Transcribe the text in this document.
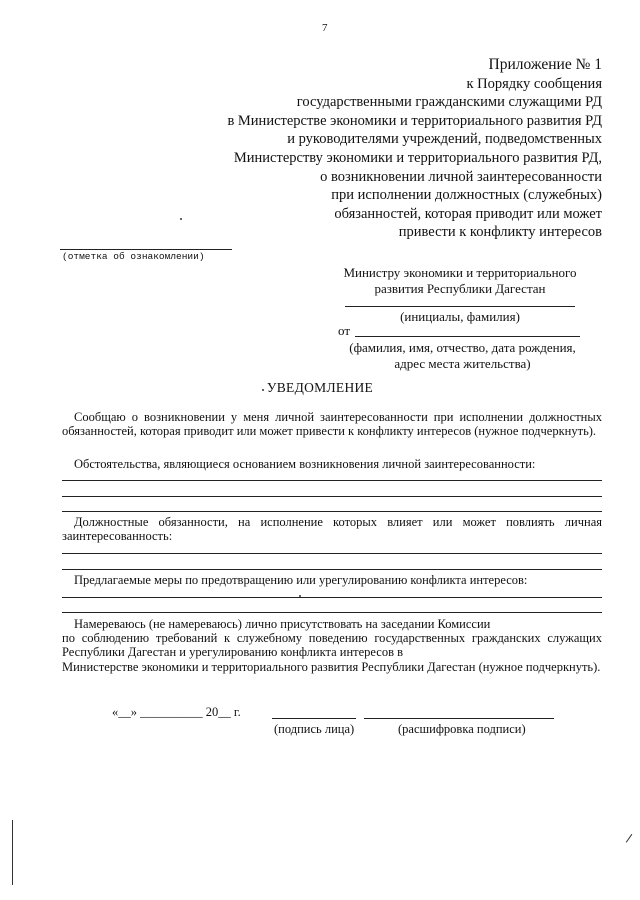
7
Приложение № 1
к Порядку сообщения
государственными гражданскими служащими РД
в Министерстве экономики и территориального развития РД
и руководителями учреждений, подведомственных
Министерству экономики и территориального развития РД,
о возникновении личной заинтересованности
при исполнении должностных (служебных)
обязанностей, которая приводит или может
привести к конфликту интересов
(отметка об ознакомлении)
Министру экономики и территориального
развития Республики Дагестан
(инициалы, фамилия)
от
(фамилия, имя, отчество, дата рождения,
адрес места жительства)
УВЕДОМЛЕНИЕ
Сообщаю о возникновении у меня личной заинтересованности при исполнении должностных обязанностей, которая приводит или может привести к конфликту интересов (нужное подчеркнуть).
Обстоятельства, являющиеся основанием возникновения личной заинтересованности:
Должностные обязанности, на исполнение которых влияет или может повлиять личная заинтересованность:
Предлагаемые меры по предотвращению или урегулированию конфликта интересов:
Намереваюсь (не намереваюсь) лично присутствовать на заседании Комиссии
по соблюдению требований к служебному поведению государственных гражданских служащих Республики Дагестан и урегулированию конфликта интересов в
Министерстве экономики и территориального развития Республики Дагестан (нужное подчеркнуть).
«__» __________ 20__ г.
(подпись лица)	(расшифровка подписи)
